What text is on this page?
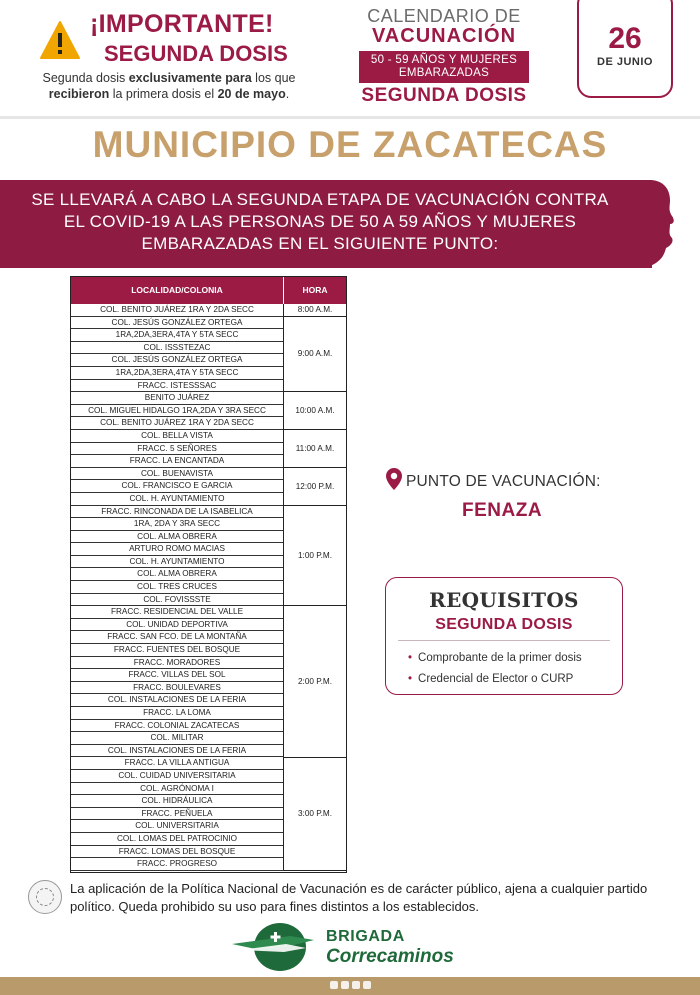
¡IMPORTANTE!
SEGUNDA DOSIS
Segunda dosis exclusivamente para los que recibieron la primera dosis el 20 de mayo.
CALENDARIO DE
VACUNACIÓN
50 - 59 AÑOS Y MUJERES EMBARAZADAS
SEGUNDA DOSIS
26
DE JUNIO
MUNICIPIO DE ZACATECAS
SE LLEVARÁ A CABO LA SEGUNDA ETAPA DE VACUNACIÓN CONTRA EL COVID-19 A LAS PERSONAS DE 50 A 59 AÑOS Y MUJERES EMBARAZADAS EN EL SIGUIENTE PUNTO:
LOCALIDAD/COLONIA	HORA
COL. BENITO JUÁREZ 1RA Y 2DA SECC
COL. JESÚS GONZÁLEZ ORTEGA
1RA,2DA,3ERA,4TA Y 5TA SECC
COL. ISSSTEZAC
COL. JESÚS GONZÁLEZ ORTEGA
1RA,2DA,3ERA,4TA Y 5TA SECC
FRACC. ISTESSSAC
BENITO JUÁREZ
COL. MIGUEL HIDALGO 1RA,2DA Y 3RA SECC
COL. BENITO JUÁREZ 1RA Y 2DA SECC
COL. BELLA VISTA
FRACC. 5 SEÑORES
FRACC. LA ENCANTADA
COL. BUENAVISTA
COL. FRANCISCO E GARCIA
COL. H. AYUNTAMIENTO
FRACC. RINCONADA DE LA ISABELICA
1RA, 2DA Y 3RA SECC
COL. ALMA OBRERA
ARTURO ROMO MACIAS
COL. H. AYUNTAMIENTO
COL. ALMA OBRERA
COL. TRES CRUCES
COL. FOVISSSTE
FRACC. RESIDENCIAL DEL VALLE
COL. UNIDAD DEPORTIVA
FRACC. SAN FCO. DE LA MONTAÑA
FRACC. FUENTES DEL BOSQUE
FRACC. MORADORES
FRACC. VILLAS DEL SOL
FRACC. BOULEVARES
COL. INSTALACIONES DE LA FERIA
FRACC. LA LOMA
FRACC. COLONIAL ZACATECAS
COL. MILITAR
COL. INSTALACIONES DE LA FERIA
FRACC. LA VILLA ANTIGUA
COL. CUIDAD UNIVERSITARIA
COL. AGRÓNOMA I
COL. HIDRÁULICA
FRACC. PEÑUELA
COL. UNIVERSITARIA
COL. LOMAS DEL PATROCINIO
FRACC. LOMAS DEL BOSQUE
FRACC. PROGRESO
8:00 A.M.
9:00 A.M.
10:00 A.M.
11:00 A.M.
12:00 P.M.
1:00 P.M.
2:00 P.M.
3:00 P.M.
PUNTO DE VACUNACIÓN:
FENAZA
REQUISITOS
SEGUNDA DOSIS
• Comprobante de la primer dosis
• Credencial de Elector o CURP
La aplicación de la Política Nacional de Vacunación es de carácter público, ajena a cualquier partido político. Queda prohibido su uso para fines distintos a los establecidos.
BRIGADA
Correcaminos
